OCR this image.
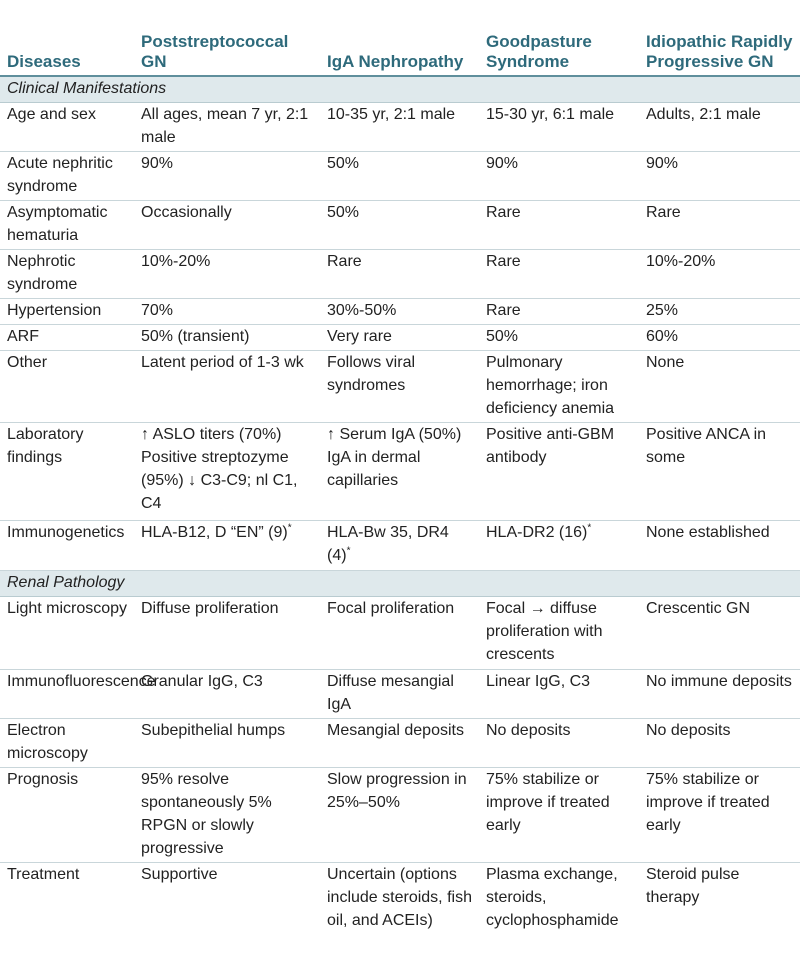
Diseases	Poststreptococcal GN	IgA Nephropathy	Goodpasture Syndrome	Idiopathic Rapidly Progressive GN
Clinical Manifestations				
Age and sex	All ages, mean 7 yr, 2:1 male	10-35 yr, 2:1 male	15-30 yr, 6:1 male	Adults, 2:1 male
Acute nephritic syndrome	90%	50%	90%	90%
Asymptomatic hematuria	Occasionally	50%	Rare	Rare
Nephrotic syndrome	10%-20%	Rare	Rare	10%-20%
Hypertension	70%	30%-50%	Rare	25%
ARF	50% (transient)	Very rare	50%	60%
Other	Latent period of 1-3 wk	Follows viral syndromes	Pulmonary hemorrhage; iron deficiency anemia	None
Laboratory findings	↑ ASLO titers (70%) Positive streptozyme (95%) ↓ C3-C9; nl C1, C4	↑ Serum IgA (50%) IgA in dermal capillaries	Positive anti-GBM antibody	Positive ANCA in some
Immunogenetics	HLA-B12, D “EN” (9)*	HLA-Bw 35, DR4 (4)*	HLA-DR2 (16)*	None established
Renal Pathology				
Light microscopy	Diffuse proliferation	Focal proliferation	Focal → diffuse proliferation with crescents	Crescentic GN
Immunofluorescence	Granular IgG, C3	Diffuse mesangial IgA	Linear IgG, C3	No immune deposits
Electron microscopy	Subepithelial humps	Mesangial deposits	No deposits	No deposits
Prognosis	95% resolve spontaneously 5% RPGN or slowly progressive	Slow progression in 25%–50%	75% stabilize or improve if treated early	75% stabilize or improve if treated early
Treatment	Supportive	Uncertain (options include steroids, fish oil, and ACEIs)	Plasma exchange, steroids, cyclophosphamide	Steroid pulse therapy
